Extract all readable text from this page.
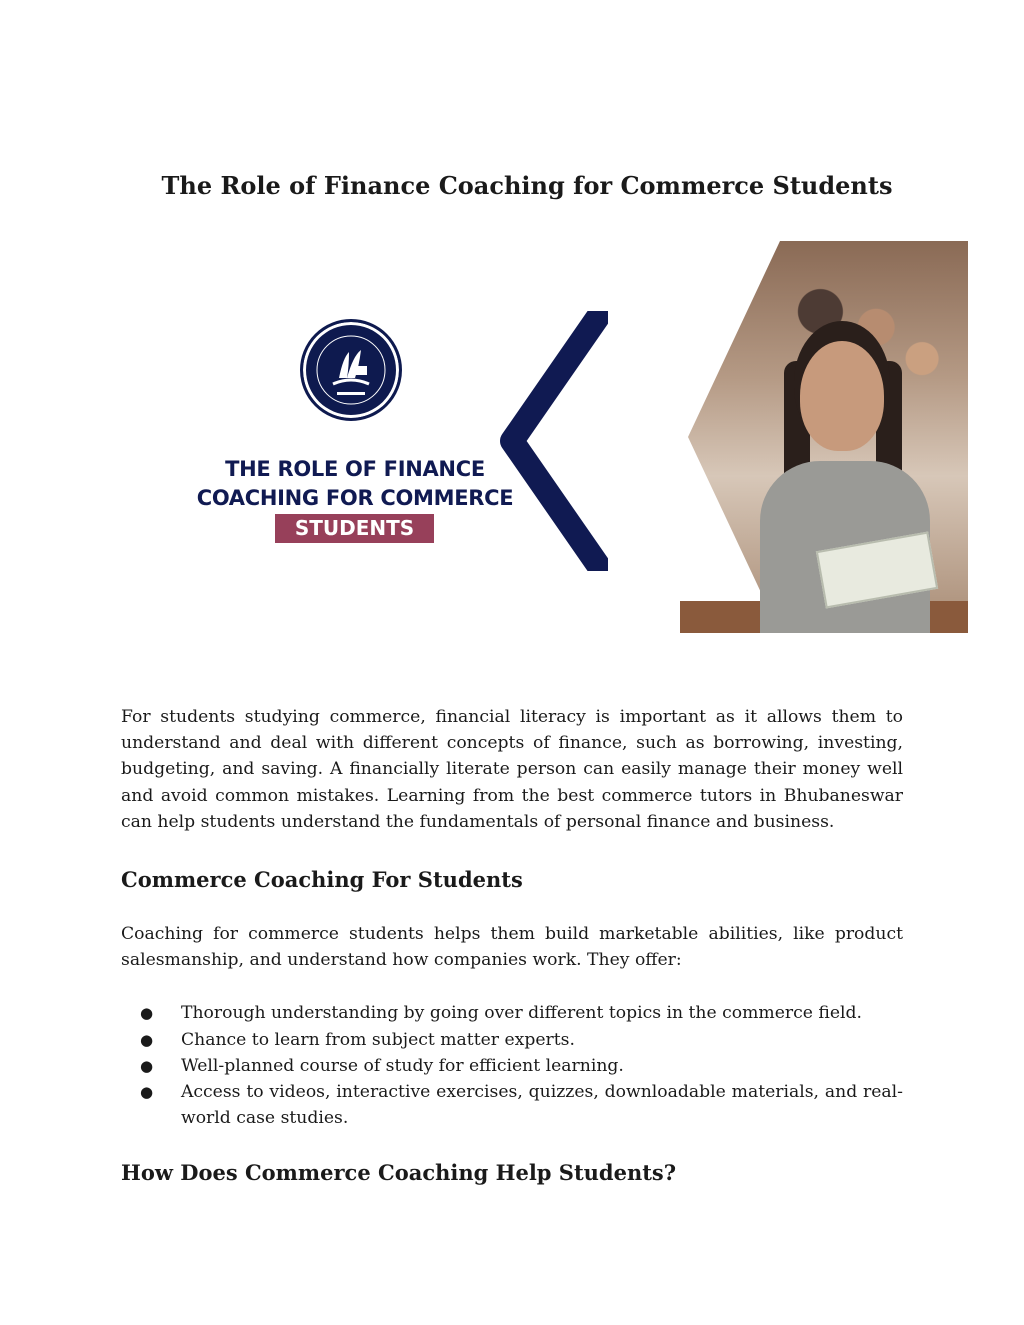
The Role of Finance Coaching for Commerce Students
THE ROLE OF FINANCE
COACHING FOR COMMERCE
STUDENTS

For students studying commerce, financial literacy is important as it allows them to understand and deal with different concepts of finance, such as borrowing, investing, budgeting, and saving. A financially literate person can easily manage their money well and avoid common mistakes. Learning from the best commerce tutors in Bhubaneswar can help students understand the fundamentals of personal finance and business.

Commerce Coaching For Students

Coaching for commerce students helps them build marketable abilities, like product salesmanship, and understand how companies work. They offer:

● Thorough understanding by going over different topics in the commerce field.
● Chance to learn from subject matter experts.
● Well-planned course of study for efficient learning.
● Access to videos, interactive exercises, quizzes, downloadable materials, and real-world case studies.
How Does Commerce Coaching Help Students?
